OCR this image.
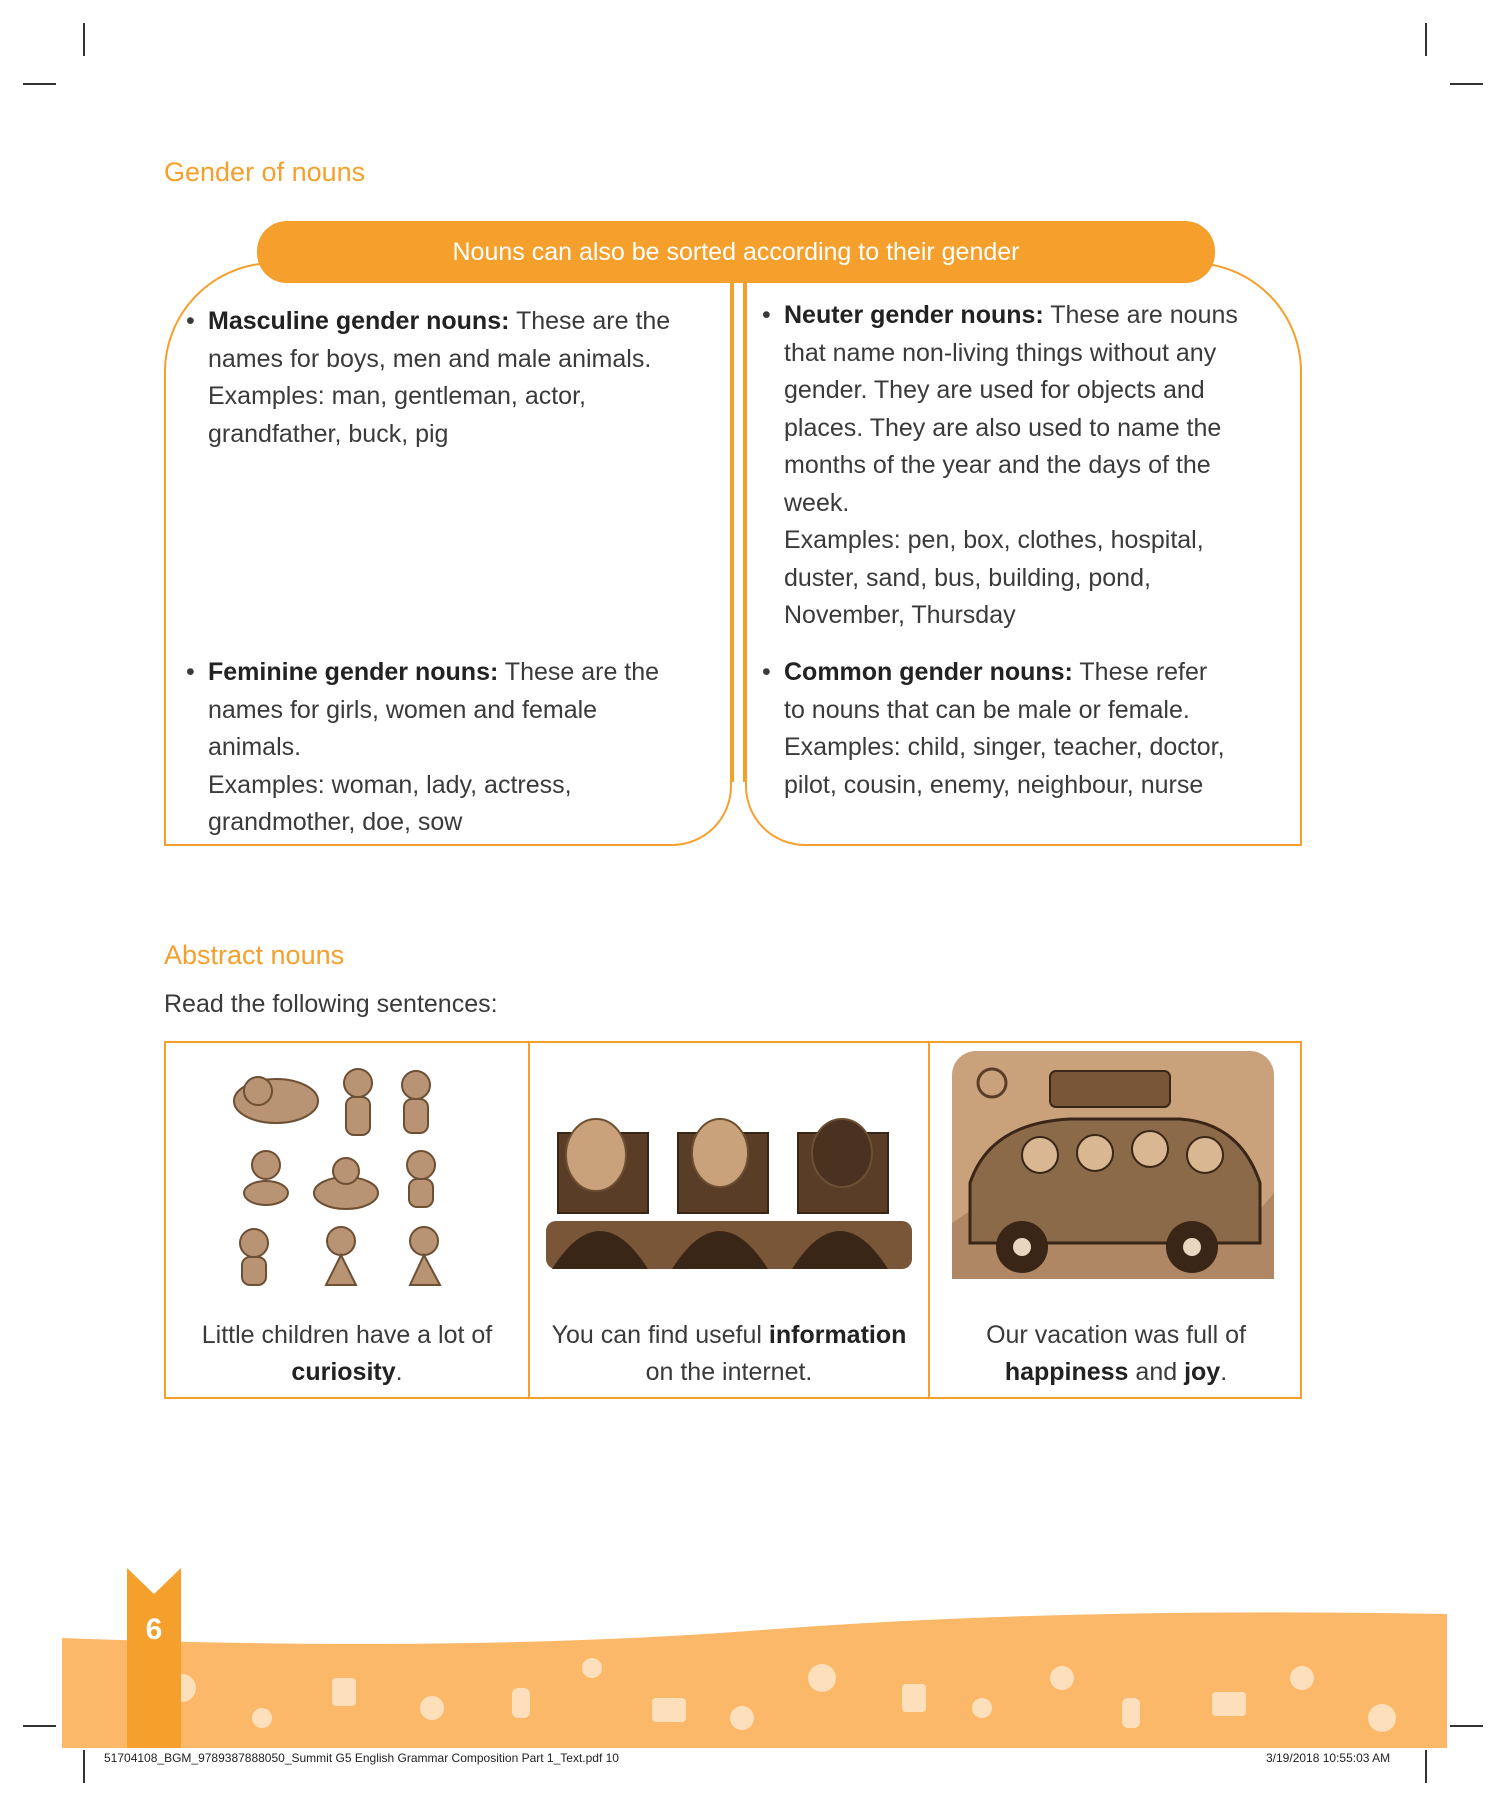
Gender of nouns
Nouns can also be sorted according to their gender
• Masculine gender nouns: These are the
names for boys, men and male animals.
Examples: man, gentleman, actor,
grandfather, buck, pig
• Feminine gender nouns: These are the
names for girls, women and female
animals.
Examples: woman, lady, actress,
grandmother, doe, sow
• Neuter gender nouns: These are nouns
that name non-living things without any
gender. They are used for objects and
places. They are also used to name the
months of the year and the days of the
week.
Examples: pen, box, clothes, hospital,
duster, sand, bus, building, pond,
November, Thursday
• Common gender nouns: These refer
to nouns that can be male or female.
Examples: child, singer, teacher, doctor,
pilot, cousin, enemy, neighbour, nurse
Abstract nouns
Read the following sentences:
Little children have a lot of
curiosity.
You can find useful information
on the internet.
Our vacation was full of
happiness and joy.
6
51704108_BGM_9789387888050_Summit G5 English Grammar Composition Part 1_Text.pdf 10	3/19/2018 10:55:03 AM
